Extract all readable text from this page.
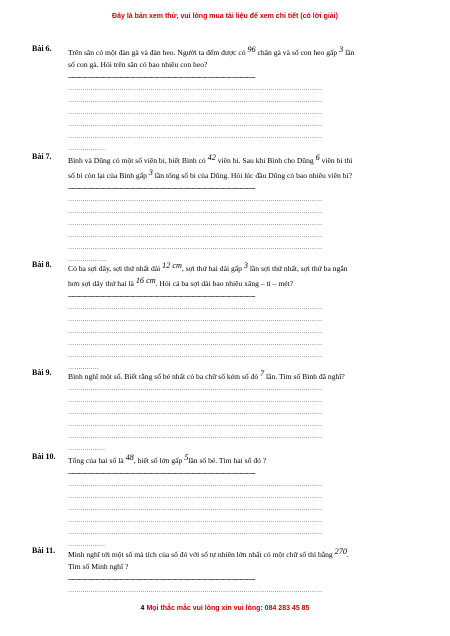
Đây là bản xem thử, vui lòng mua tài liệu để xem chi tiết (có lời giải)
Bài 6. Trên sân có một đàn gà và đàn heo. Người ta đếm được có 96 chân gà và số con heo gấp 3 lần

số con gà. Hỏi trên sân có bao nhiêu con heo?

............................................................................................................................................................
……………………………………………………………………………………………………………
……………………………………………………………………………………………………………
……………………………………………………………………………………………………………
……………………………………………………………………………………………………………
……………………………………………………………………………………………………………
………………
Bài 7. Bình và Dũng có một số viên bi, biết Bình có 42 viên bi. Sau khi Bình cho Dũng 6 viên bi thì

số bi còn lại của Bình gấp 3 lần tổng số bi của Dũng. Hỏi lúc đầu Dũng có bao nhiêu viên bi?

............................................................................................................................................................
……………………………………………………………………………………………………………
……………………………………………………………………………………………………………
……………………………………………………………………………………………………………
……………………………………………………………………………………………………………
……………………………………………………………………………………………………………
……………….
Bài 8. Có ba sợi dây, sợi thứ nhất dài 12 cm, sợi thứ hai dài gấp 3 lần sợi thứ nhất, sợi thứ ba ngắn

hơn sợi dây thứ hai là 16 cm. Hỏi cả ba sợi dài bao nhiêu xăng – ti – mét?

............................................................................................................................................................
……………………………………………………………………………………………………………
……………………………………………………………………………………………………………
……………………………………………………………………………………………………………
……………………………………………………………………………………………………………
……………………………………………………………………………………………………………
……………
Bài 9. Bình nghĩ một số. Biết rằng số bé nhất có ba chữ số kém số đó 7 lần. Tìm số Bình đã nghĩ?

……………………………………………………………………………………………………………
……………………………………………………………………………………………………………
……………………………………………………………………………………………………………
……………………………………………………………………………………………………………
……………………………………………………………………………………………………………
………………
Bài 10. Tổng của hai số là 48, biết số lớn gấp 5lần số bé. Tìm hai số đó ?

............................................................................................................................................................
……………………………………………………………………………………………………………
……………………………………………………………………………………………………………
……………………………………………………………………………………………………………
……………………………………………………………………………………………………………
……………………………………………………………………………………………………………
………………
Bài 11. Minh nghĩ tới một số mà tích của số đó với số tự nhiên lớn nhất có một chữ số thì bằng 270.

Tìm số Minh nghĩ ?

............................................................................................................................................................
……………………………………………………………………………………………………………
4 Mọi thắc mắc vui lòng xin vui lòng: 084 283 45 85
